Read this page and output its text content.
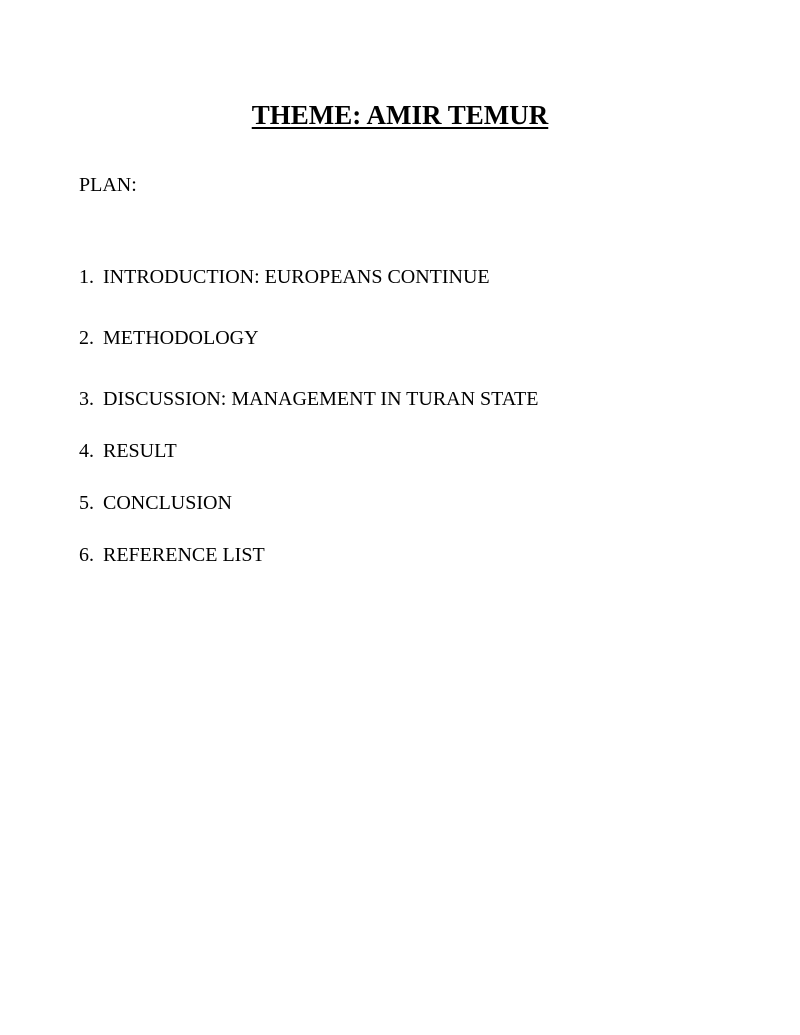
THEME: AMIR TEMUR
PLAN:
1. INTRODUCTION: EUROPEANS CONTINUE
2. METHODOLOGY
3. DISCUSSION: MANAGEMENT IN TURAN STATE
4. RESULT
5. CONCLUSION
6. REFERENCE LIST
